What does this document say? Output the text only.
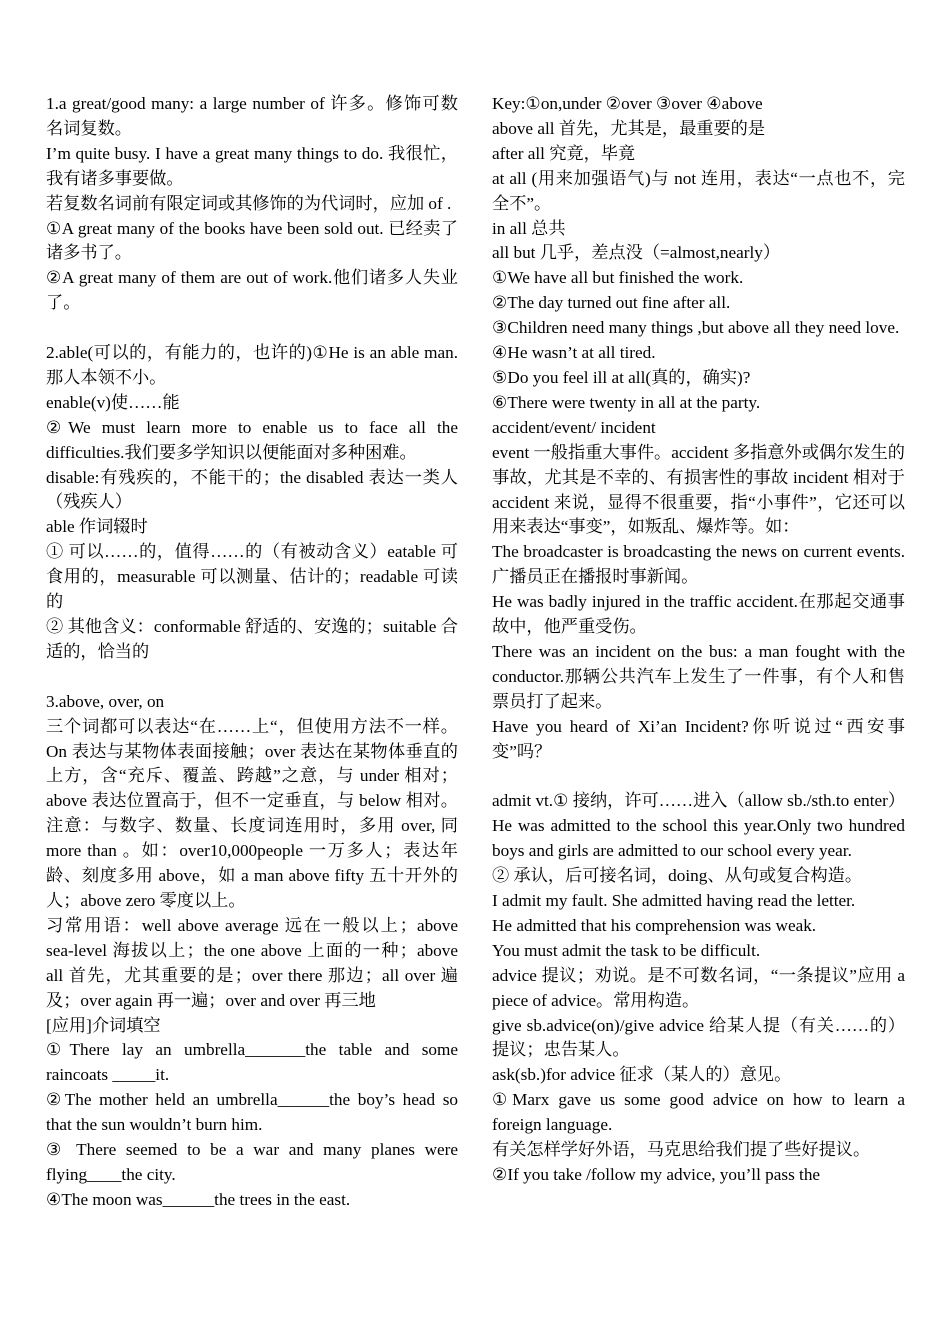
1.a great/good many: a large number of 许多。修饰可数名词复数。

I’m quite busy. I have a great many things to do. 我很忙，我有诸多事要做。

若复数名词前有限定词或其修饰的为代词时，应加 of .

①A great many of the books have been sold out. 已经卖了诸多书了。

②A great many of them are out of work.他们诸多人失业了。

2.able(可以的，有能力的，也许的)①He is an able man.那人本领不小。

enable(v)使……能

②We must learn more to enable us to face all the difficulties.我们要多学知识以便能面对多种困难。

disable:有残疾的，不能干的；the disabled 表达一类人（残疾人）

able 作词辍时

① 可以……的，值得……的（有被动含义）eatable 可食用的，measurable 可以测量、估计的；readable 可读的

② 其他含义：conformable 舒适的、安逸的；suitable 合适的，恰当的

3.above, over, on

三个词都可以表达“在……上“，但使用方法不一样。On 表达与某物体表面接触；over 表达在某物体垂直的上方，含“充斥、覆盖、跨越”之意，与 under 相对；above 表达位置高于，但不一定垂直，与 below 相对。注意：与数字、数量、长度词连用时，多用 over, 同 more than 。如：over10,000people 一万多人；表达年龄、刻度多用 above，如 a man above fifty 五十开外的人；above zero 零度以上。

习常用语：well above average 远在一般以上；above sea-level 海拔以上；the one above 上面的一种；above all 首先，尤其重要的是；over there 那边；all over 遍及；over again 再一遍；over and over 再三地

[应用]介词填空

①There lay an umbrella_______the table and some raincoats _____it.

②The mother held an umbrella______the boy’s head so that the sun wouldn’t burn him.

③ There seemed to be a war and many planes were flying____the city.

④The moon was______the trees in the east.

Key:①on,under ②over ③over ④above

above all 首先，尤其是，最重要的是

after all 究竟，毕竟

at all (用来加强语气)与 not 连用，表达“一点也不，完全不”。

in all 总共

all but 几乎，差点没（=almost,nearly）

①We have all but finished the work.

②The day turned out fine after all.

③Children need many things ,but above all they need love.

④He wasn’t at all tired.

⑤Do you feel ill at all(真的，确实)?

⑥There were twenty in all at the party.

accident/event/ incident

event 一般指重大事件。accident 多指意外或偶尔发生的事故，尤其是不幸的、有损害性的事故 incident 相对于 accident 来说，显得不很重要，指“小事件”，它还可以用来表达“事变”，如叛乱、爆炸等。如：

The broadcaster is broadcasting the news on current events.广播员正在播报时事新闻。

He was badly injured in the traffic accident.在那起交通事故中，他严重受伤。

There was an incident on the bus: a man fought with the conductor.那辆公共汽车上发生了一件事，有个人和售票员打了起来。

Have you heard of Xi’an Incident?你听说过“西安事变”吗？

admit vt.① 接纳，许可……进入（allow sb./sth.to enter）

He was admitted to the school this year.Only two hundred boys and girls are admitted to our school every year.

② 承认，后可接名词，doing、从句或复合构造。

I admit my fault. She admitted having read the letter.

He admitted that his comprehension was weak.

You must admit the task to be difficult.

advice 提议；劝说。是不可数名词，“一条提议”应用 a piece of advice。常用构造。

give sb.advice(on)/give advice 给某人提（有关……的）提议；忠告某人。

ask(sb.)for advice 征求（某人的）意见。

①Marx gave us some good advice on how to learn a foreign language.

有关怎样学好外语，马克思给我们提了些好提议。

②If you take /follow my advice, you’ll pass the
